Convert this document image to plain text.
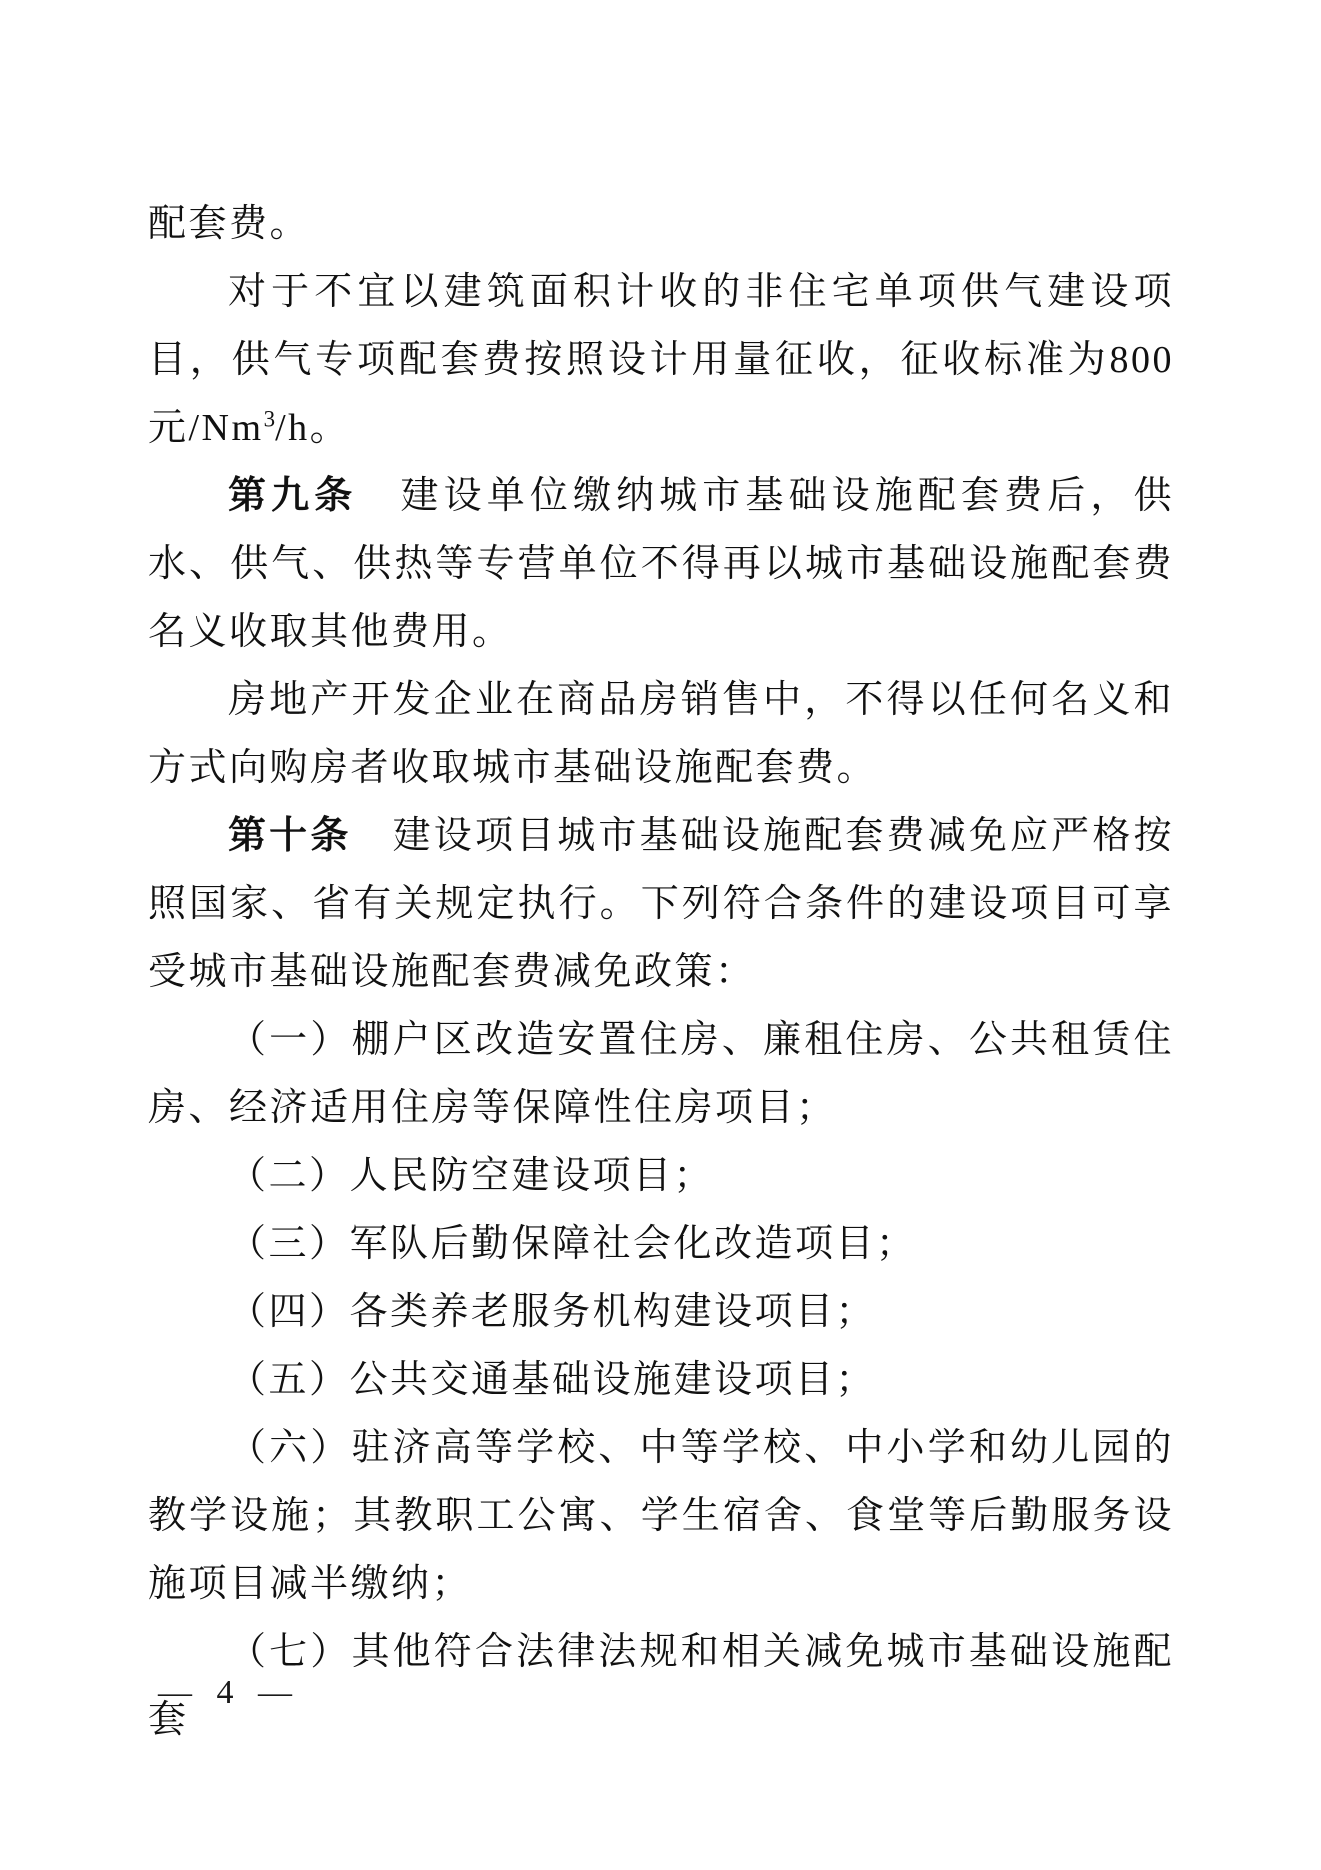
配套费。

对于不宜以建筑面积计收的非住宅单项供气建设项目，供气专项配套费按照设计用量征收，征收标准为800 元/Nm$^3$/h。

第九条　建设单位缴纳城市基础设施配套费后，供水、供气、供热等专营单位不得再以城市基础设施配套费名义收取其他费用。

房地产开发企业在商品房销售中，不得以任何名义和方式向购房者收取城市基础设施配套费。

第十条　建设项目城市基础设施配套费减免应严格按照国家、省有关规定执行。下列符合条件的建设项目可享受城市基础设施配套费减免政策：

（一）棚户区改造安置住房、廉租住房、公共租赁住房、经济适用住房等保障性住房项目；

（二）人民防空建设项目；

（三）军队后勤保障社会化改造项目；

（四）各类养老服务机构建设项目；

（五）公共交通基础设施建设项目；

（六）驻济高等学校、中等学校、中小学和幼儿园的教学设施；其教职工公寓、学生宿舍、食堂等后勤服务设施项目减半缴纳；

（七）其他符合法律法规和相关减免城市基础设施配套

— 4 —
